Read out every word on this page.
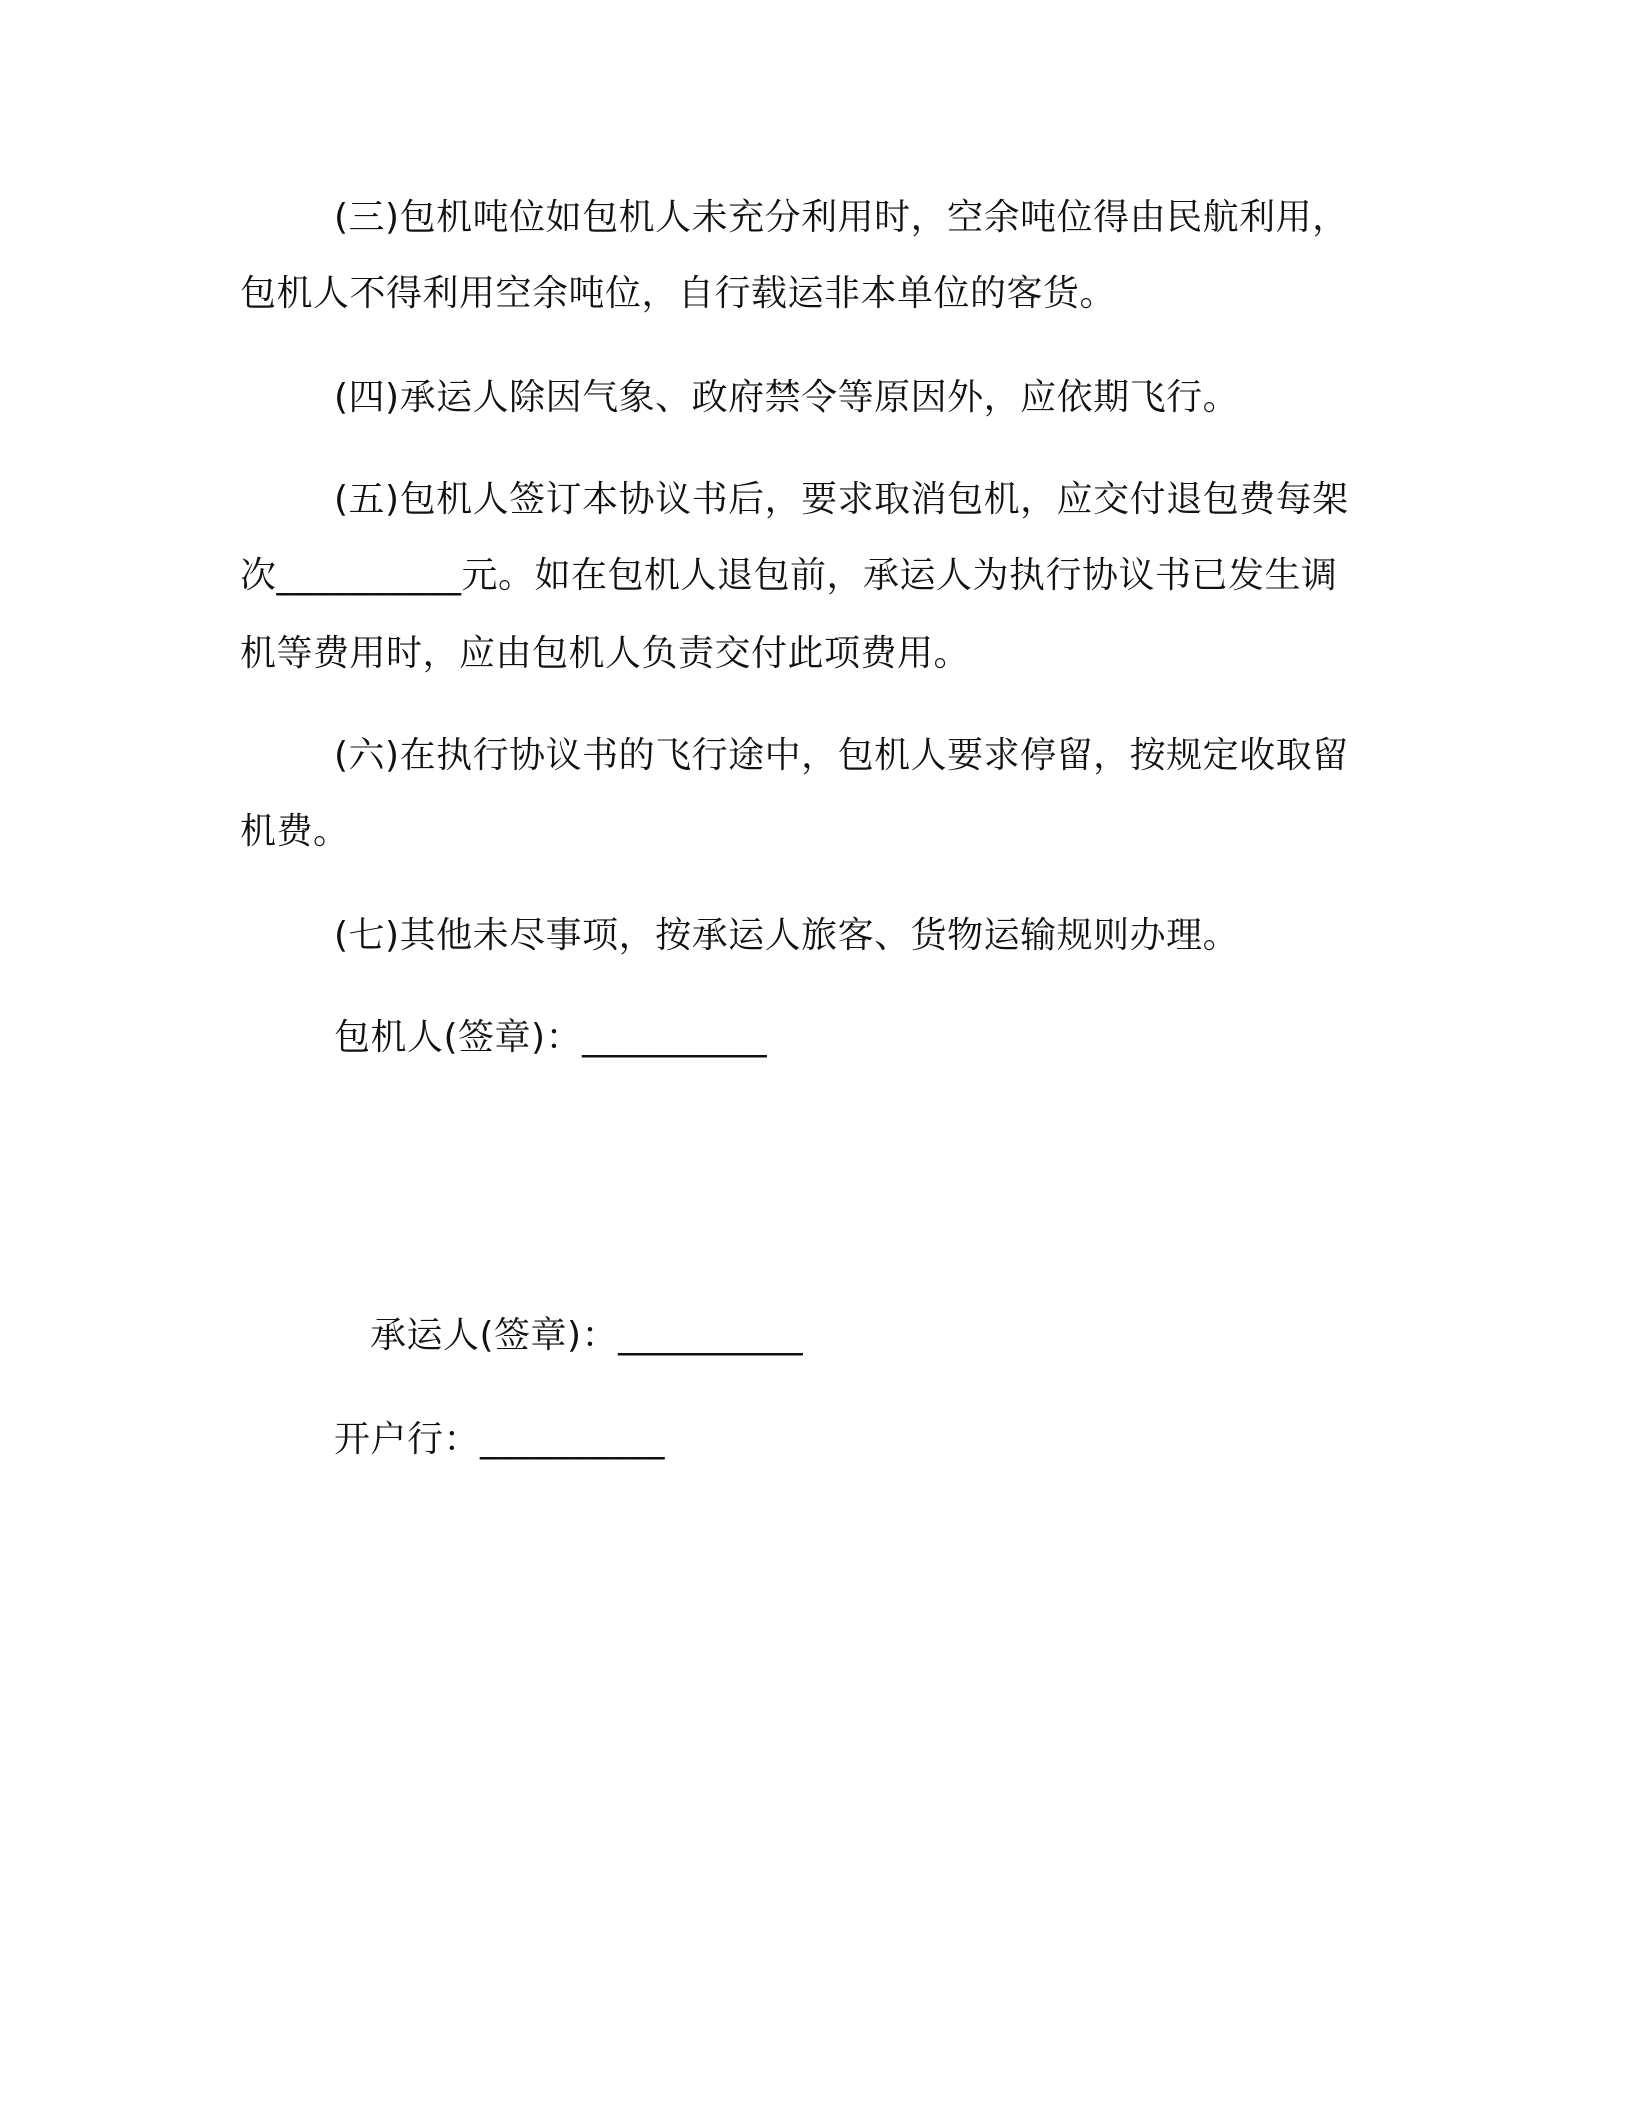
(三)包机吨位如包机人未充分利用时，空余吨位得由民航利用，
包机人不得利用空余吨位，自行载运非本单位的客货。
(四)承运人除因气象、政府禁令等原因外，应依期飞行。
(五)包机人签订本协议书后，要求取消包机，应交付退包费每架
次__________元。如在包机人退包前，承运人为执行协议书已发生调
机等费用时，应由包机人负责交付此项费用。
(六)在执行协议书的飞行途中，包机人要求停留，按规定收取留
机费。
(七)其他未尽事项，按承运人旅客、货物运输规则办理。
包机人(签章)：__________
承运人(签章)：__________
开户行：__________
